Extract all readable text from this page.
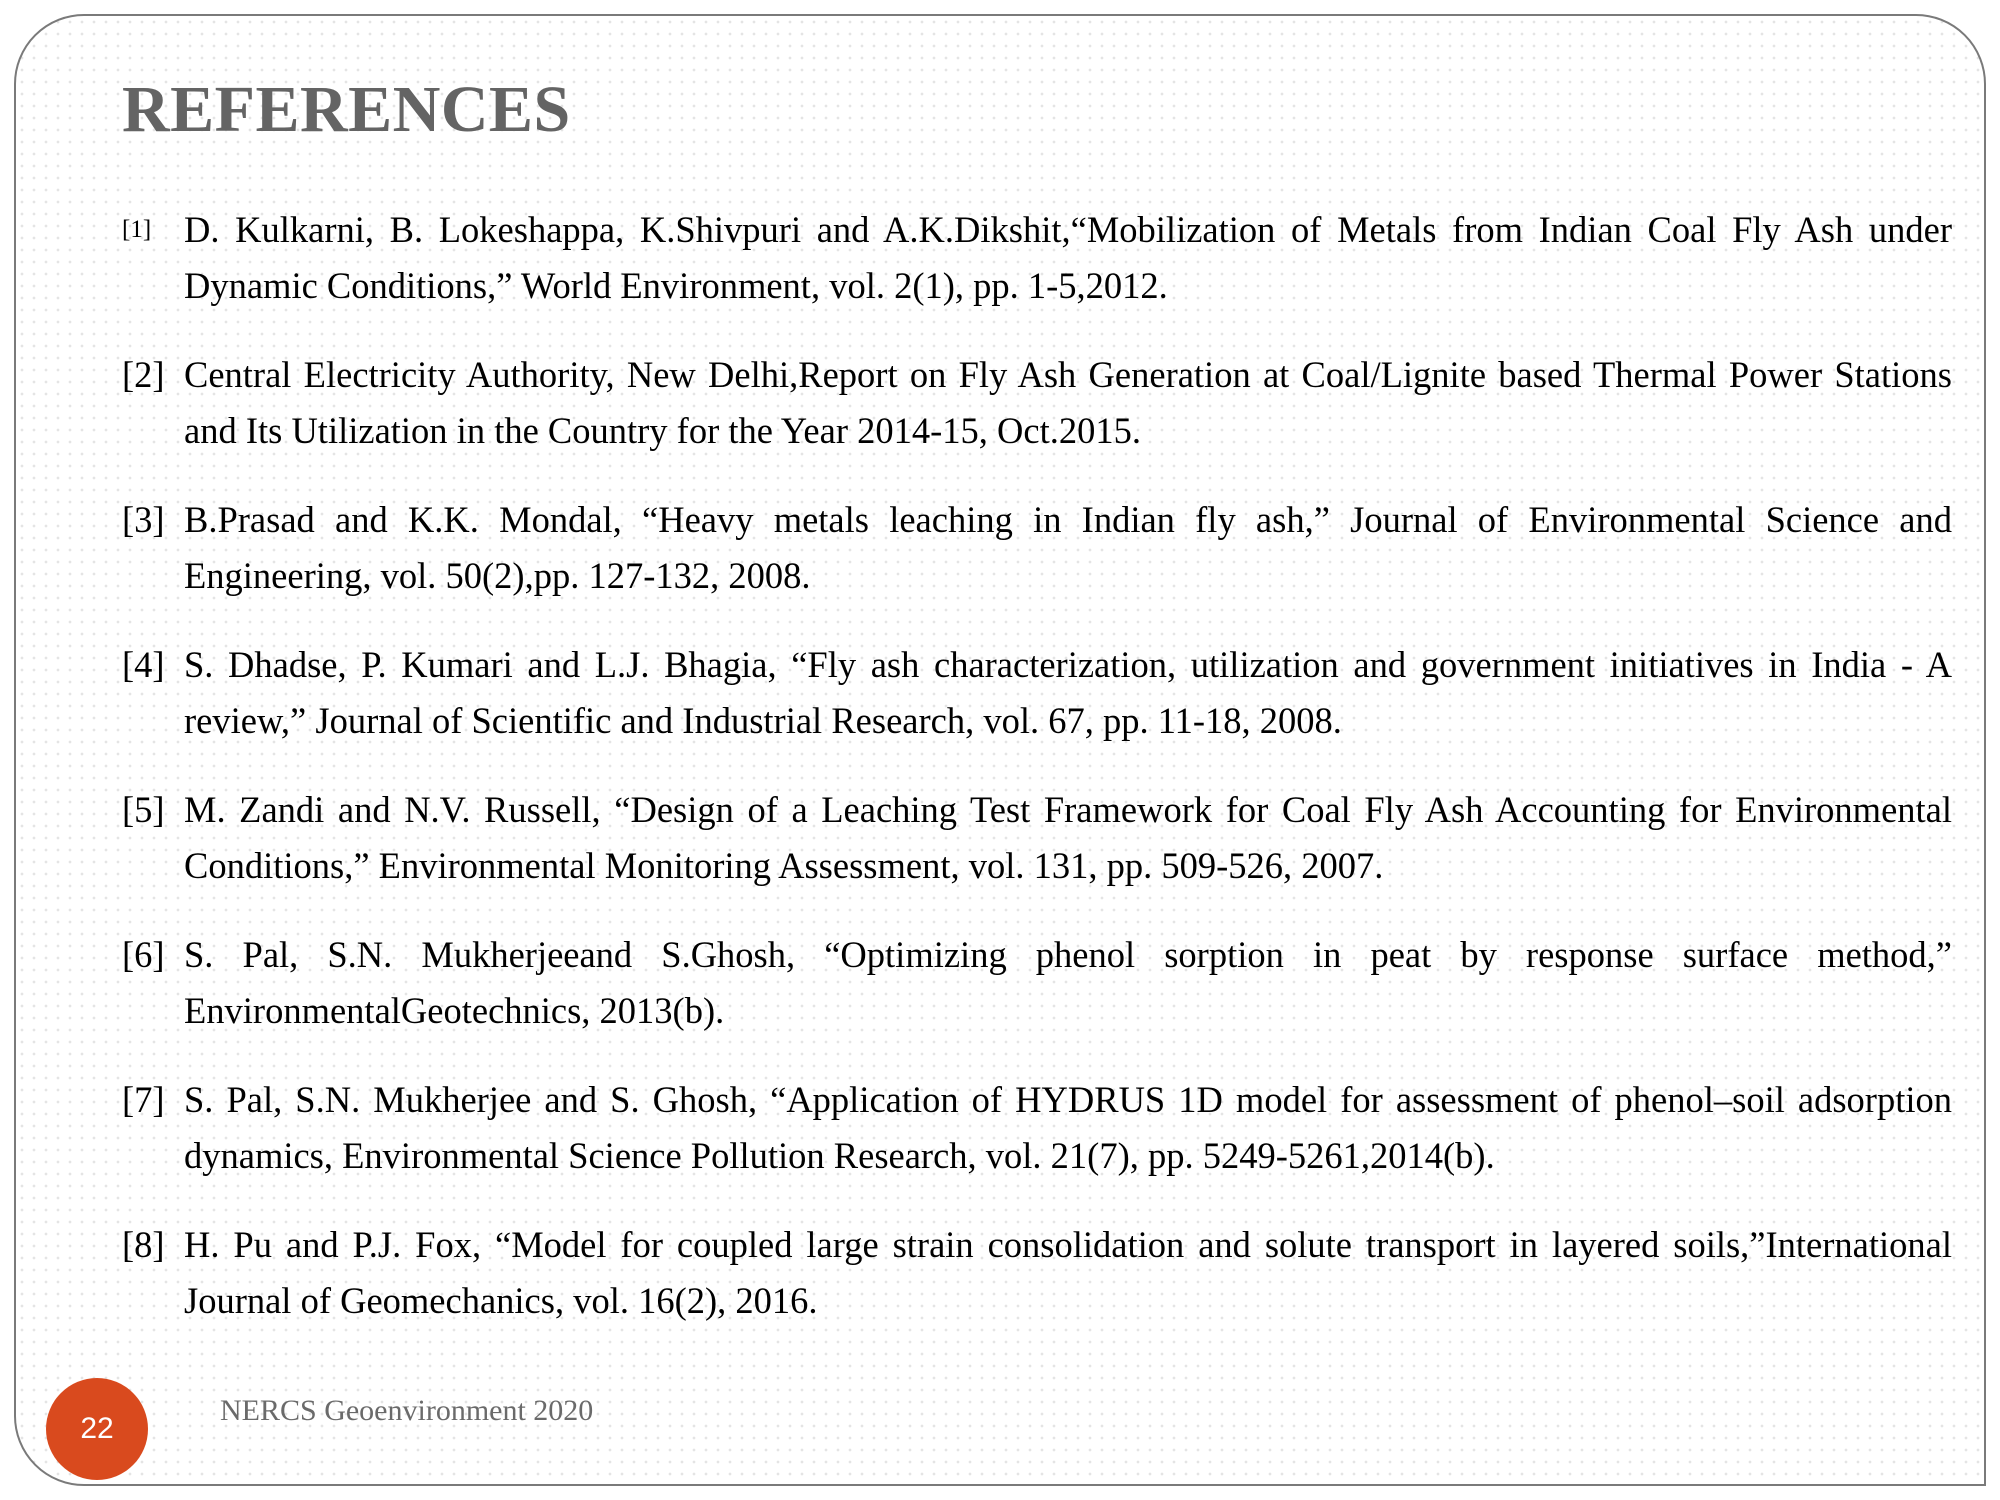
REFERENCES
[1] D. Kulkarni, B. Lokeshappa, K.Shivpuri and A.K.Dikshit,“Mobilization of Metals from Indian Coal Fly Ash under Dynamic Conditions,” World Environment, vol. 2(1), pp. 1-5,2012.
[2] Central Electricity Authority, New Delhi,Report on Fly Ash Generation at Coal/Lignite based Thermal Power Stations and Its Utilization in the Country for the Year 2014-15, Oct.2015.
[3] B.Prasad and K.K. Mondal, “Heavy metals leaching in Indian fly ash,” Journal of Environmental Science and Engineering, vol. 50(2),pp. 127-132, 2008.
[4] S. Dhadse, P. Kumari and L.J. Bhagia, “Fly ash characterization, utilization and government initiatives in India - A review,” Journal of Scientific and Industrial Research, vol. 67, pp. 11-18, 2008.
[5] M. Zandi and N.V. Russell, “Design of a Leaching Test Framework for Coal Fly Ash Accounting for Environmental Conditions,” Environmental Monitoring Assessment, vol. 131, pp. 509-526, 2007.
[6] S. Pal, S.N. Mukherjeeand S.Ghosh, “Optimizing phenol sorption in peat by response surface method,” EnvironmentalGeotechnics, 2013(b).
[7] S. Pal, S.N. Mukherjee and S. Ghosh, “Application of HYDRUS 1D model for assessment of phenol–soil adsorption dynamics, Environmental Science Pollution Research, vol. 21(7), pp. 5249-5261,2014(b).
[8] H. Pu and P.J. Fox, “Model for coupled large strain consolidation and solute transport in layered soils,”International Journal of Geomechanics, vol. 16(2), 2016.
22
NERCS Geoenvironment 2020
